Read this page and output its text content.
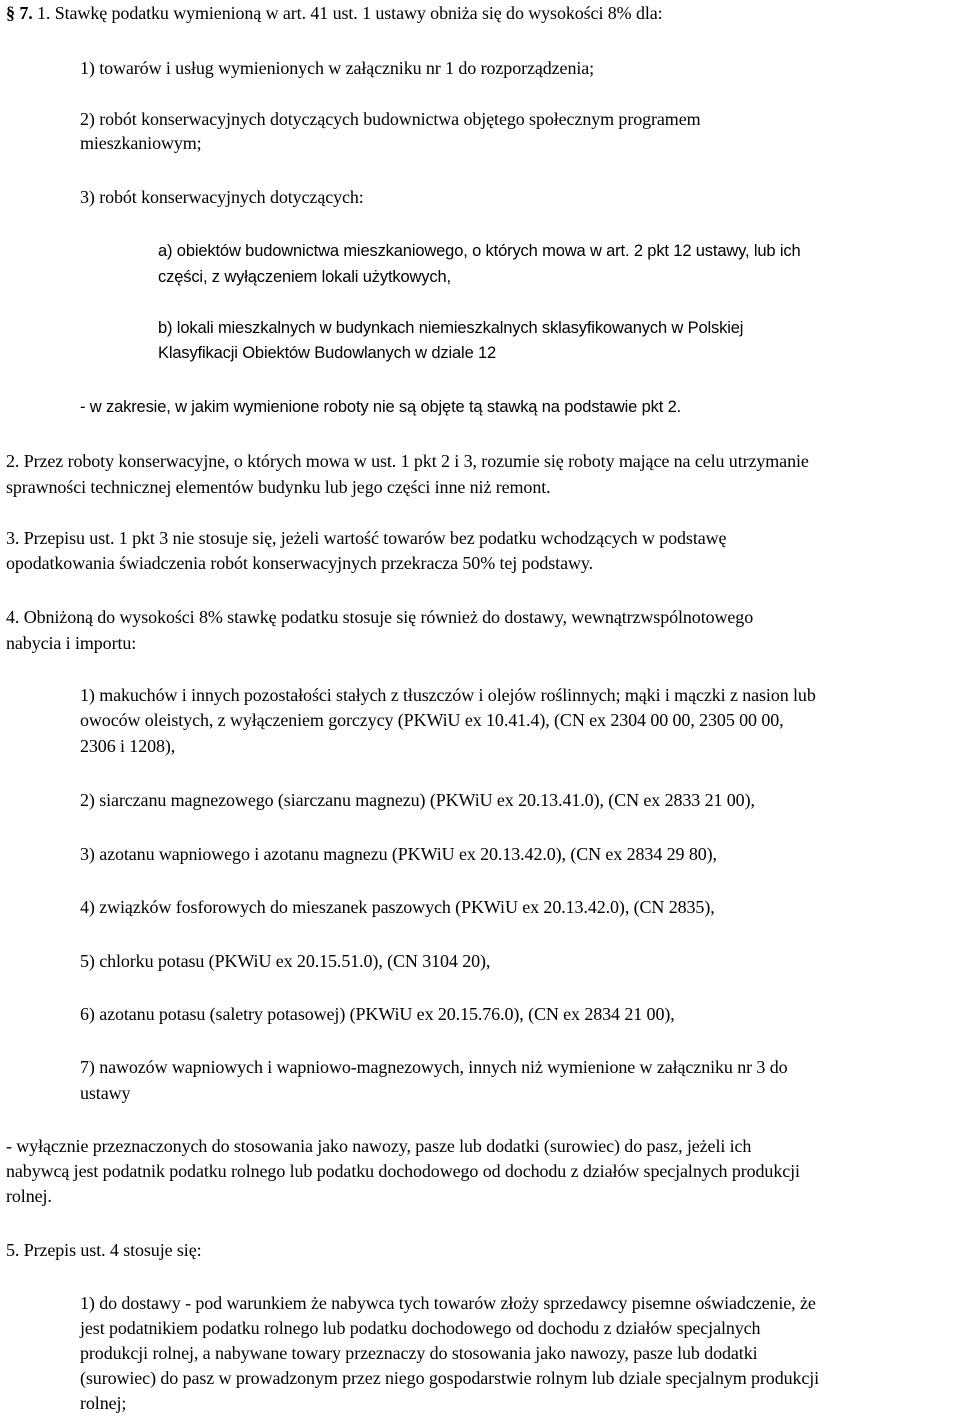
§ 7. 1. Stawkę podatku wymienioną w art. 41 ust. 1 ustawy obniża się do wysokości 8% dla:

1) towarów i usług wymienionych w załączniku nr 1 do rozporządzenia;

2) robót konserwacyjnych dotyczących budownictwa objętego społecznym programem

mieszkaniowym;

3) robót konserwacyjnych dotyczących:

a) obiektów budownictwa mieszkaniowego, o których mowa w art. 2 pkt 12 ustawy, lub ich

części, z wyłączeniem lokali użytkowych,

b) lokali mieszkalnych w budynkach niemieszkalnych sklasyfikowanych w Polskiej

Klasyfikacji Obiektów Budowlanych w dziale 12

- w zakresie, w jakim wymienione roboty nie są objęte tą stawką na podstawie pkt 2.

2. Przez roboty konserwacyjne, o których mowa w ust. 1 pkt 2 i 3, rozumie się roboty mające na celu utrzymanie

sprawności technicznej elementów budynku lub jego części inne niż remont.

3. Przepisu ust. 1 pkt 3 nie stosuje się, jeżeli wartość towarów bez podatku wchodzących w podstawę

opodatkowania świadczenia robót konserwacyjnych przekracza 50% tej podstawy.

4. Obniżoną do wysokości 8% stawkę podatku stosuje się również do dostawy, wewnątrzwspólnotowego

nabycia i importu:

1) makuchów i innych pozostałości stałych z tłuszczów i olejów roślinnych; mąki i mączki z nasion lub

owoców oleistych, z wyłączeniem gorczycy (PKWiU ex 10.41.4), (CN ex 2304 00 00, 2305 00 00,

2306 i 1208),

2) siarczanu magnezowego (siarczanu magnezu) (PKWiU ex 20.13.41.0), (CN ex 2833 21 00),

3) azotanu wapniowego i azotanu magnezu (PKWiU ex 20.13.42.0), (CN ex 2834 29 80),

4) związków fosforowych do mieszanek paszowych (PKWiU ex 20.13.42.0), (CN 2835),

5) chlorku potasu (PKWiU ex 20.15.51.0), (CN 3104 20),

6) azotanu potasu (saletry potasowej) (PKWiU ex 20.15.76.0), (CN ex 2834 21 00),

7) nawozów wapniowych i wapniowo-magnezowych, innych niż wymienione w załączniku nr 3 do

ustawy

- wyłącznie przeznaczonych do stosowania jako nawozy, pasze lub dodatki (surowiec) do pasz, jeżeli ich

nabywcą jest podatnik podatku rolnego lub podatku dochodowego od dochodu z działów specjalnych produkcji

rolnej.

5. Przepis ust. 4 stosuje się:

1) do dostawy - pod warunkiem że nabywca tych towarów złoży sprzedawcy pisemne oświadczenie, że

jest podatnikiem podatku rolnego lub podatku dochodowego od dochodu z działów specjalnych

produkcji rolnej, a nabywane towary przeznaczy do stosowania jako nawozy, pasze lub dodatki

(surowiec) do pasz w prowadzonym przez niego gospodarstwie rolnym lub dziale specjalnym produkcji

rolnej;
